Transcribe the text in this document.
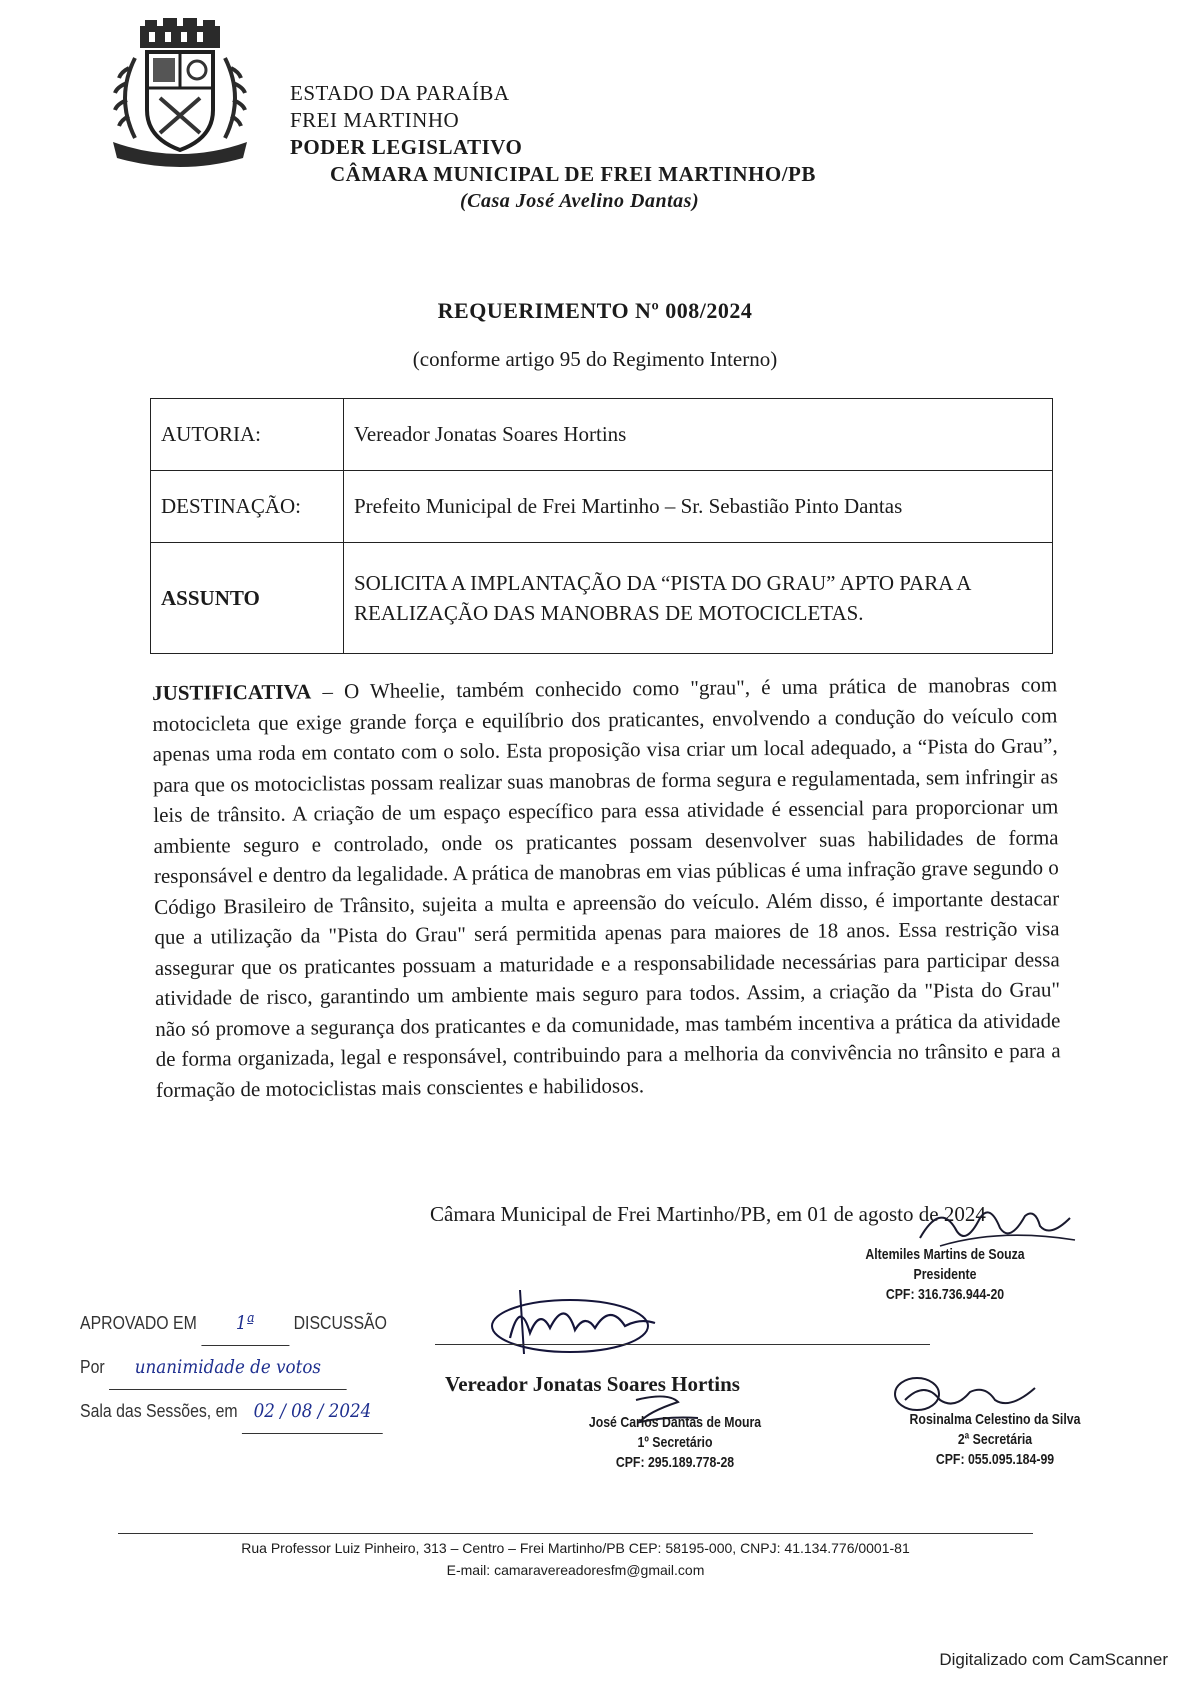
ESTADO DA PARAÍBA
FREI MARTINHO
PODER LEGISLATIVO
CÂMARA MUNICIPAL DE FREI MARTINHO/PB
(Casa José Avelino Dantas)
REQUERIMENTO Nº 008/2024
(conforme artigo 95 do Regimento Interno)
AUTORIA:	Vereador Jonatas Soares Hortins
DESTINAÇÃO:	Prefeito Municipal de Frei Martinho – Sr. Sebastião Pinto Dantas
ASSUNTO	SOLICITA A IMPLANTAÇÃO DA “PISTA DO GRAU” APTO PARA A REALIZAÇÃO DAS MANOBRAS DE MOTOCICLETAS.
JUSTIFICATIVA – O Wheelie, também conhecido como "grau", é uma prática de manobras com motocicleta que exige grande força e equilíbrio dos praticantes, envolvendo a condução do veículo com apenas uma roda em contato com o solo. Esta proposição visa criar um local adequado, a “Pista do Grau”, para que os motociclistas possam realizar suas manobras de forma segura e regulamentada, sem infringir as leis de trânsito. A criação de um espaço específico para essa atividade é essencial para proporcionar um ambiente seguro e controlado, onde os praticantes possam desenvolver suas habilidades de forma responsável e dentro da legalidade. A prática de manobras em vias públicas é uma infração grave segundo o Código Brasileiro de Trânsito, sujeita a multa e apreensão do veículo. Além disso, é importante destacar que a utilização da "Pista do Grau" será permitida apenas para maiores de 18 anos. Essa restrição visa assegurar que os praticantes possuam a maturidade e a responsabilidade necessárias para participar dessa atividade de risco, garantindo um ambiente mais seguro para todos. Assim, a criação da "Pista do Grau" não só promove a segurança dos praticantes e da comunidade, mas também incentiva a prática da atividade de forma organizada, legal e responsável, contribuindo para a melhoria da convivência no trânsito e para a formação de motociclistas mais conscientes e habilidosos.
Câmara Municipal de Frei Martinho/PB, em 01 de agosto de 2024
Altemiles Martins de Souza
Presidente
CPF: 316.736.944-20
Vereador Jonatas Soares Hortins
José Carlos Dantas de Moura
1º Secretário
CPF: 295.189.778-28
Rosinalma Celestino da Silva
2ª Secretária
CPF: 055.095.184-99
APROVADO EM 1ª DISCUSSÃO
Por unanimidade de votos
Sala das Sessões, em 02 / 08 / 2024
Rua Professor Luiz Pinheiro, 313 – Centro – Frei Martinho/PB CEP: 58195-000, CNPJ: 41.134.776/0001-81
E-mail: camaravereadoresfm@gmail.com
Digitalizado com CamScanner
